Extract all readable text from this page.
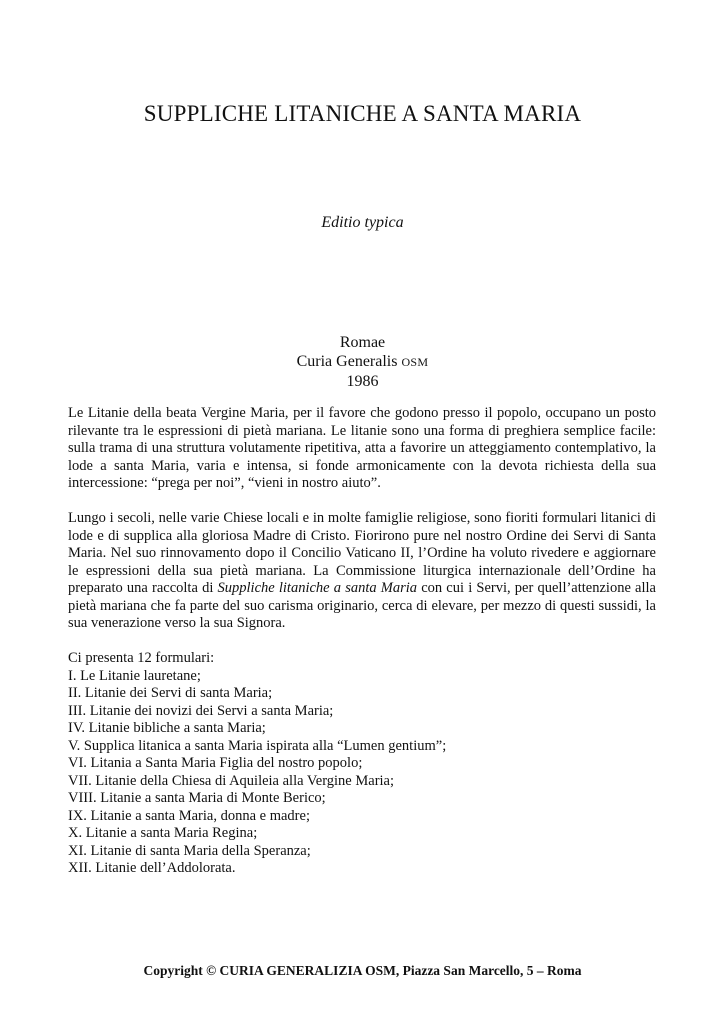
SUPPLICHE LITANICHE A SANTA MARIA
Editio typica
Romae
Curia Generalis OSM
1986

Le Litanie della beata Vergine Maria, per il favore che godono presso il popolo, occupano un posto rilevante tra le espressioni di pietà mariana. Le litanie sono una forma di preghiera semplice facile: sulla trama di una struttura volutamente ripetitiva, atta a favorire un atteggiamento contemplativo, la lode a santa Maria, varia e intensa, si fonde armonicamente con la devota richiesta della sua intercessione: “prega per noi”, “vieni in nostro aiuto”.

Lungo i secoli, nelle varie Chiese locali e in molte famiglie religiose, sono fioriti formulari litanici di lode e di supplica alla gloriosa Madre di Cristo. Fiorirono pure nel nostro Ordine dei Servi di Santa Maria. Nel suo rinnovamento dopo il Concilio Vaticano II, l’Ordine ha voluto rivedere e aggiornare le espressioni della sua pietà mariana. La Commissione liturgica internazionale dell’Ordine ha preparato una raccolta di Suppliche litaniche a santa Maria con cui i Servi, per quell’attenzione alla pietà mariana che fa parte del suo carisma originario, cerca di elevare, per mezzo di questi sussidi, la sua venerazione verso la sua Signora.

Ci presenta 12 formulari:
I. Le Litanie lauretane;
II. Litanie dei Servi di santa Maria;
III. Litanie dei novizi dei Servi a santa Maria;
IV. Litanie bibliche a santa Maria;
V. Supplica litanica a santa Maria ispirata alla “Lumen gentium”;
VI. Litania a Santa Maria Figlia del nostro popolo;
VII. Litanie della Chiesa di Aquileia alla Vergine Maria;
VIII. Litanie a santa Maria di Monte Berico;
IX. Litanie a santa Maria, donna e madre;
X. Litanie a santa Maria Regina;
XI. Litanie di santa Maria della Speranza;
XII. Litanie dell’Addolorata.
Copyright © CURIA GENERALIZIA OSM, Piazza San Marcello, 5 – Roma
